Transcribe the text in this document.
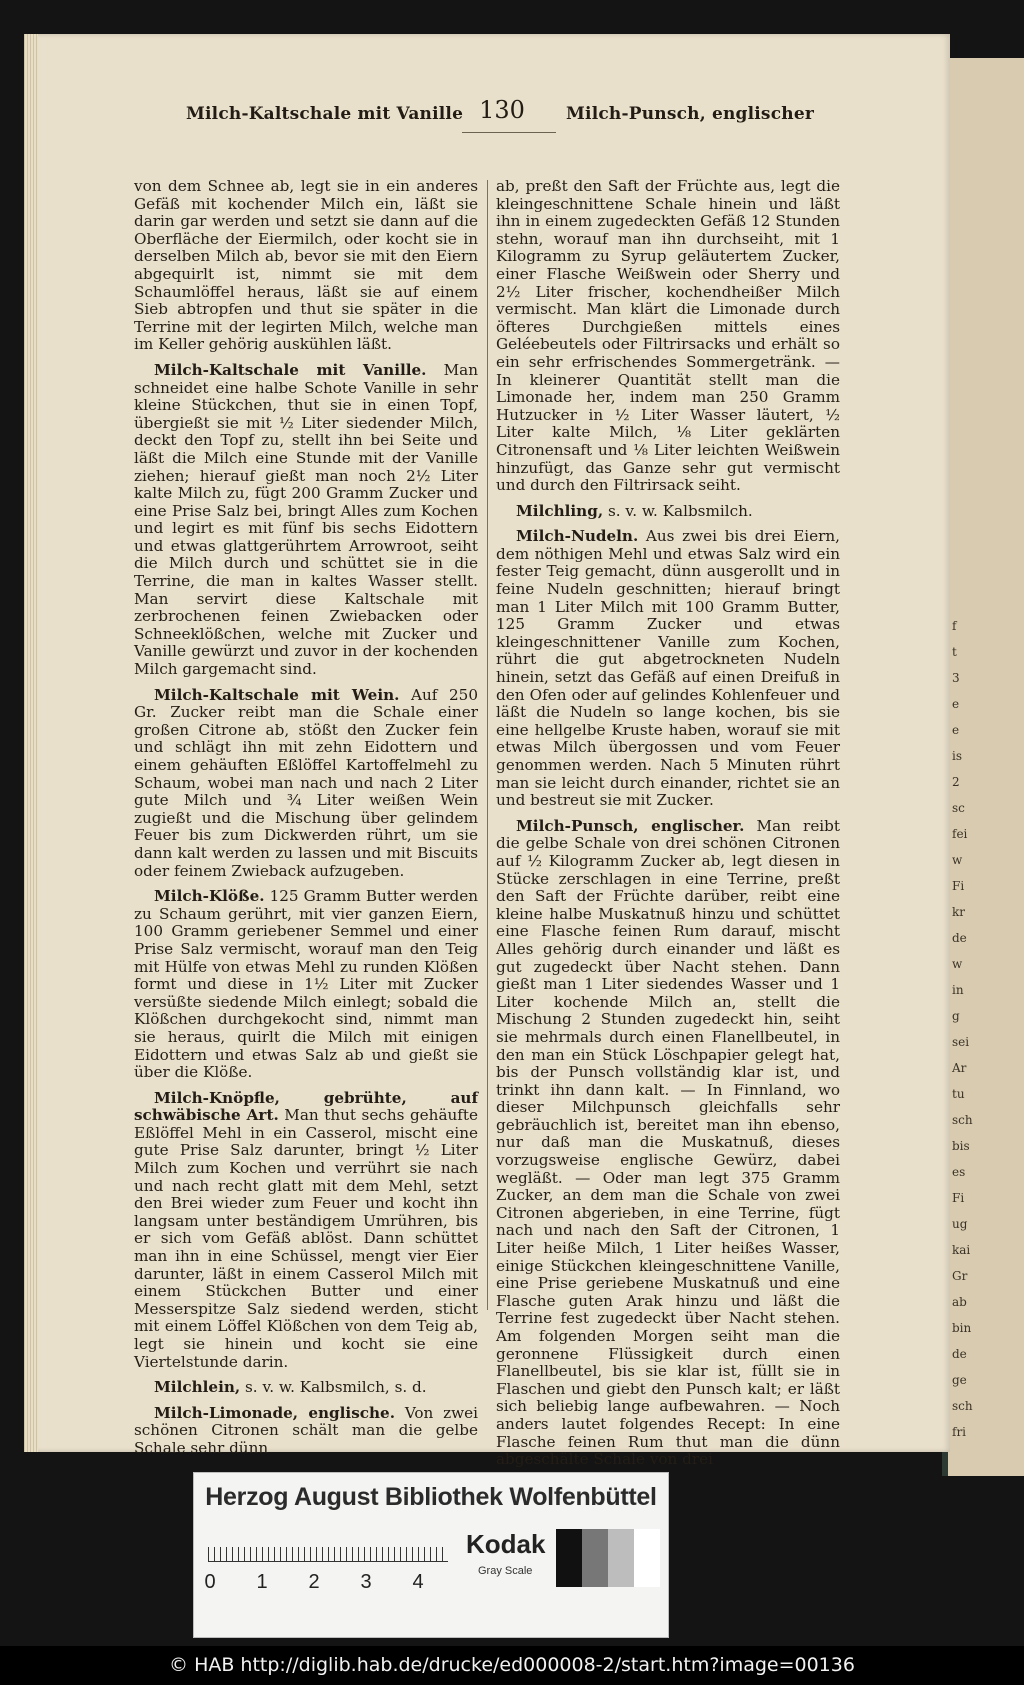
f
t
3
e
e
is
2
sc
fei
w
Fi
kr
de
w
in
g
sei
Ar
tu
sch
bis
es
Fi
ug
kai
Gr
ab
bin
de
ge
sch
fri
Milch-Kaltschale mit Vanille 130	Milch-Punsch, englischer

von dem Schnee ab, legt sie in ein anderes Gefäß mit kochender Milch ein, läßt sie darin gar werden und setzt sie dann auf die Oberfläche der Eiermilch, oder kocht sie in derselben Milch ab, bevor sie mit den Eiern abgequirlt ist, nimmt sie mit dem Schaumlöffel heraus, läßt sie auf einem Sieb abtropfen und thut sie später in die Terrine mit der legirten Milch, welche man im Keller gehörig auskühlen läßt.

Milch-Kaltschale mit Vanille. Man schneidet eine halbe Schote Vanille in sehr kleine Stückchen, thut sie in einen Topf, übergießt sie mit ½ Liter siedender Milch, deckt den Topf zu, stellt ihn bei Seite und läßt die Milch eine Stunde mit der Vanille ziehen; hierauf gießt man noch 2½ Liter kalte Milch zu, fügt 200 Gramm Zucker und eine Prise Salz bei, bringt Alles zum Kochen und legirt es mit fünf bis sechs Eidottern und etwas glattgerührtem Arrowroot, seiht die Milch durch und schüttet sie in die Terrine, die man in kaltes Wasser stellt. Man servirt diese Kaltschale mit zerbrochenen feinen Zwiebacken oder Schneeklößchen, welche mit Zucker und Vanille gewürzt und zuvor in der kochenden Milch gargemacht sind.

Milch-Kaltschale mit Wein. Auf 250 Gr. Zucker reibt man die Schale einer großen Citrone ab, stößt den Zucker fein und schlägt ihn mit zehn Eidottern und einem gehäuften Eßlöffel Kartoffelmehl zu Schaum, wobei man nach und nach 2 Liter gute Milch und ¾ Liter weißen Wein zugießt und die Mischung über gelindem Feuer bis zum Dickwerden rührt, um sie dann kalt werden zu lassen und mit Biscuits oder feinem Zwieback aufzugeben.

Milch-Klöße. 125 Gramm Butter werden zu Schaum gerührt, mit vier ganzen Eiern, 100 Gramm geriebener Semmel und einer Prise Salz vermischt, worauf man den Teig mit Hülfe von etwas Mehl zu runden Klößen formt und diese in 1½ Liter mit Zucker versüßte siedende Milch einlegt; sobald die Klößchen durchgekocht sind, nimmt man sie heraus, quirlt die Milch mit einigen Eidottern und etwas Salz ab und gießt sie über die Klöße.

Milch-Knöpfle, gebrühte, auf schwäbische Art. Man thut sechs gehäufte Eßlöffel Mehl in ein Casserol, mischt eine gute Prise Salz darunter, bringt ½ Liter Milch zum Kochen und verrührt sie nach und nach recht glatt mit dem Mehl, setzt den Brei wieder zum Feuer und kocht ihn langsam unter beständigem Umrühren, bis er sich vom Gefäß ablöst. Dann schüttet man ihn in eine Schüssel, mengt vier Eier darunter, läßt in einem Casserol Milch mit einem Stückchen Butter und einer Messerspitze Salz siedend werden, sticht mit einem Löffel Klößchen von dem Teig ab, legt sie hinein und kocht sie eine Viertelstunde darin.

Milchlein, s. v. w. Kalbsmilch, s. d.

Milch-Limonade, englische. Von zwei schönen Citronen schält man die gelbe Schale sehr dünn

ab, preßt den Saft der Früchte aus, legt die kleingeschnittene Schale hinein und läßt ihn in einem zugedeckten Gefäß 12 Stunden stehn, worauf man ihn durchseiht, mit 1 Kilogramm zu Syrup geläutertem Zucker, einer Flasche Weißwein oder Sherry und 2½ Liter frischer, kochendheißer Milch vermischt. Man klärt die Limonade durch öfteres Durchgießen mittels eines Geléebeutels oder Filtrirsacks und erhält so ein sehr erfrischendes Sommergetränk. — In kleinerer Quantität stellt man die Limonade her, indem man 250 Gramm Hutzucker in ½ Liter Wasser läutert, ½ Liter kalte Milch, ⅛ Liter geklärten Citronensaft und ⅛ Liter leichten Weißwein hinzufügt, das Ganze sehr gut vermischt und durch den Filtrirsack seiht.

Milchling, s. v. w. Kalbsmilch.

Milch-Nudeln. Aus zwei bis drei Eiern, dem nöthigen Mehl und etwas Salz wird ein fester Teig gemacht, dünn ausgerollt und in feine Nudeln geschnitten; hierauf bringt man 1 Liter Milch mit 100 Gramm Butter, 125 Gramm Zucker und etwas kleingeschnittener Vanille zum Kochen, rührt die gut abgetrockneten Nudeln hinein, setzt das Gefäß auf einen Dreifuß in den Ofen oder auf gelindes Kohlenfeuer und läßt die Nudeln so lange kochen, bis sie eine hellgelbe Kruste haben, worauf sie mit etwas Milch übergossen und vom Feuer genommen werden. Nach 5 Minuten rührt man sie leicht durch einander, richtet sie an und bestreut sie mit Zucker.

Milch-Punsch, englischer. Man reibt die gelbe Schale von drei schönen Citronen auf ½ Kilogramm Zucker ab, legt diesen in Stücke zerschlagen in eine Terrine, preßt den Saft der Früchte darüber, reibt eine kleine halbe Muskatnuß hinzu und schüttet eine Flasche feinen Rum darauf, mischt Alles gehörig durch einander und läßt es gut zugedeckt über Nacht stehen. Dann gießt man 1 Liter siedendes Wasser und 1 Liter kochende Milch an, stellt die Mischung 2 Stunden zugedeckt hin, seiht sie mehrmals durch einen Flanellbeutel, in den man ein Stück Löschpapier gelegt hat, bis der Punsch vollständig klar ist, und trinkt ihn dann kalt. — In Finnland, wo dieser Milchpunsch gleichfalls sehr gebräuchlich ist, bereitet man ihn ebenso, nur daß man die Muskatnuß, dieses vorzugsweise englische Gewürz, dabei wegläßt. — Oder man legt 375 Gramm Zucker, an dem man die Schale von zwei Citronen abgerieben, in eine Terrine, fügt nach und nach den Saft der Citronen, 1 Liter heiße Milch, 1 Liter heißes Wasser, einige Stückchen kleingeschnittene Vanille, eine Prise geriebene Muskatnuß und eine Flasche guten Arak hinzu und läßt die Terrine fest zugedeckt über Nacht stehen. Am folgenden Morgen seiht man die geronnene Flüssigkeit durch einen Flanellbeutel, bis sie klar ist, füllt sie in Flaschen und giebt den Punsch kalt; er läßt sich beliebig lange aufbewahren. — Noch anders lautet folgendes Recept: In eine Flasche feinen Rum thut man die dünn abgeschälte Schale von drei

Herzog August Bibliothek Wolfenbüttel
0 1 2 3 4
Kodak
Gray Scale
© HAB http://diglib.hab.de/drucke/ed000008-2/start.htm?image=00136
